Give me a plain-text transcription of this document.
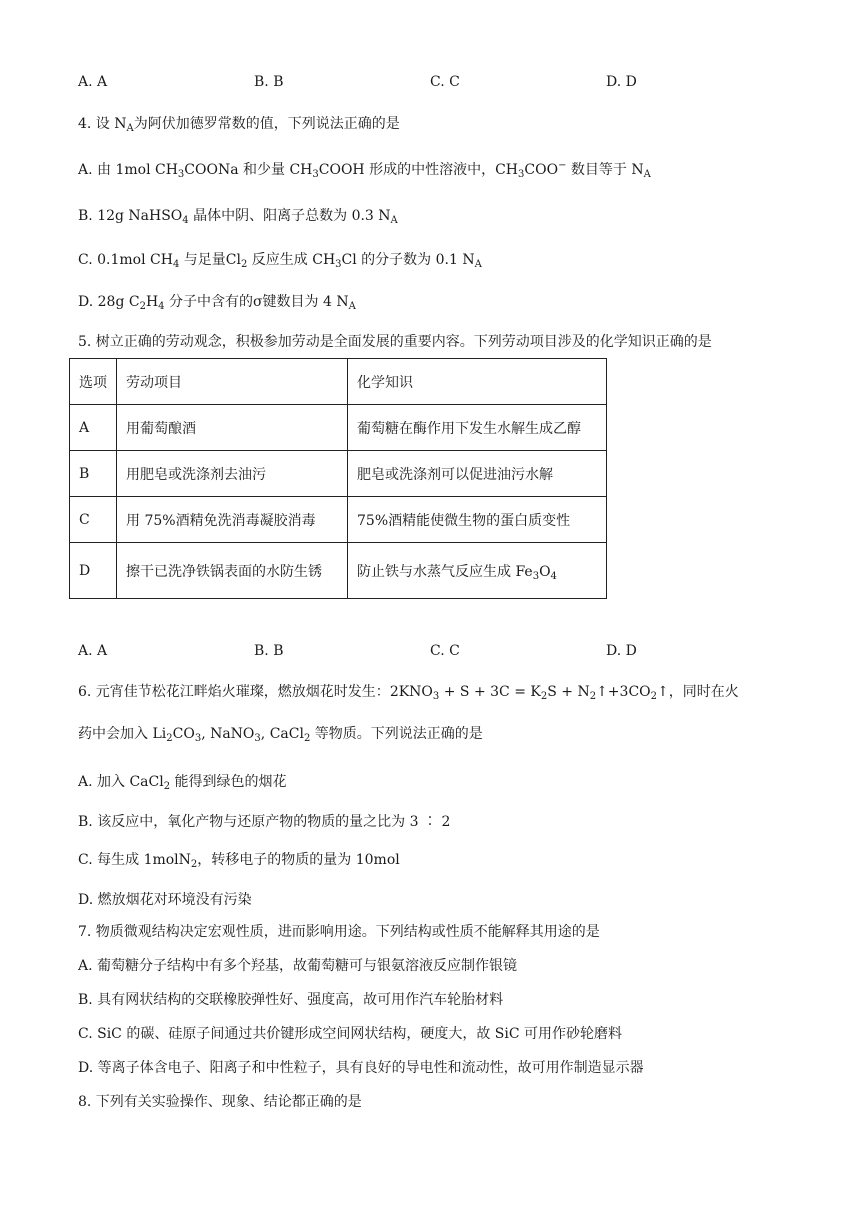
A. A	B. B	C. C	D. D
4. 设 $N_A$为阿伏加德罗常数的值，下列说法正确的是
A. 由 1mol $CH_3COONa$ 和少量 $CH_3COOH$ 形成的中性溶液中，$CH_3COO^-$ 数目等于 $N_A$
B. 12g NaHSO$_4$ 晶体中阴、阳离子总数为 0.3 $N_A$
C. 0.1mol $CH_4$ 与足量$Cl_2$ 反应生成 $CH_3Cl$ 的分子数为 0.1 $N_A$
D. 28g $C_2H_4$ 分子中含有的σ键数目为 4 $N_A$
5. 树立正确的劳动观念，积极参加劳动是全面发展的重要内容。下列劳动项目涉及的化学知识正确的是
选项	劳动项目	化学知识
A	用葡萄酿酒	葡萄糖在酶作用下发生水解生成乙醇
B	用肥皂或洗涤剂去油污	肥皂或洗涤剂可以促进油污水解
C	用 75%酒精免洗消毒凝胶消毒	75%酒精能使微生物的蛋白质变性
D	擦干已洗净铁锅表面的水防生锈	防止铁与水蒸气反应生成 $Fe_3O_4$
A. A	B. B	C. C	D. D
6. 元宵佳节松花江畔焰火璀璨，燃放烟花时发生：$2KNO_3 + S + 3C = K_2S$ + $N_2↑+3CO_2↑$，同时在火
药中会加入 $Li_2CO_3$, NaNO$_3$, CaCl$_2$ 等物质。下列说法正确的是
A. 加入 CaCl$_2$ 能得到绿色的烟花
B. 该反应中，氧化产物与还原产物的物质的量之比为 3 ∶ 2
C. 每生成 1molN$_2$，转移电子的物质的量为 10mol
D. 燃放烟花对环境没有污染
7. 物质微观结构决定宏观性质，进而影响用途。下列结构或性质不能解释其用途的是
A. 葡萄糖分子结构中有多个羟基，故葡萄糖可与银氨溶液反应制作银镜
B. 具有网状结构的交联橡胶弹性好、强度高，故可用作汽车轮胎材料
C. SiC 的碳、硅原子间通过共价键形成空间网状结构，硬度大，故 SiC 可用作砂轮磨料
D. 等离子体含电子、阳离子和中性粒子，具有良好的导电性和流动性，故可用作制造显示器
8. 下列有关实验操作、现象、结论都正确的是
